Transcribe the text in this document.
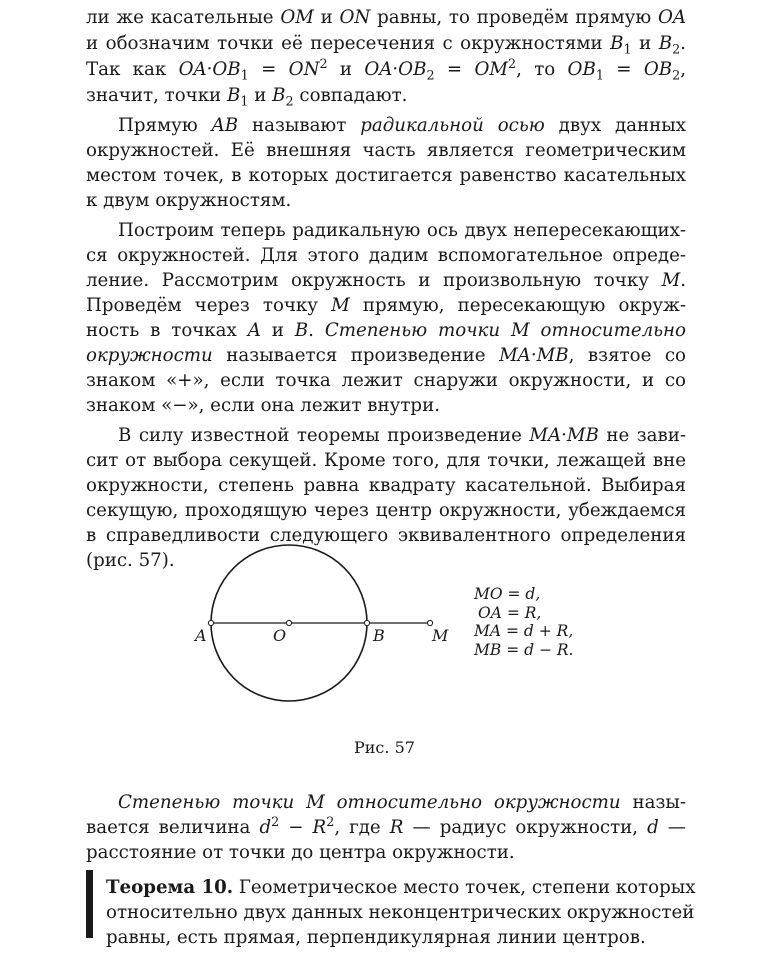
ли же касательные OM и ON равны, то проведём прямую OA
и обозначим точки её пересечения с окружностями $B_1$ и $B_2$.
Так как $OA\cdot OB_1 = ON^2$ и $OA\cdot OB_2 = OM^2$, то $OB_1 = OB_2$,
значит, точки $B_1$ и $B_2$ совпадают.
Прямую AB называют радикальной осью двух данных
окружностей. Её внешняя часть является геометрическим
местом точек, в которых достигается равенство касательных
к двум окружностям.
Построим теперь радикальную ось двух непересекающих-
ся окружностей. Для этого дадим вспомогательное опреде-
ление. Рассмотрим окружность и произвольную точку M.
Проведём через точку M прямую, пересекающую окруж-
ность в точках A и B. Степенью точки M относительно
окружности называется произведение MA·MB, взятое со
знаком «+», если точка лежит снаружи окружности, и со
знаком «−», если она лежит внутри.
В силу известной теоремы произведение MA·MB не зави-
сит от выбора секущей. Кроме того, для точки, лежащей вне
окружности, степень равна квадрату касательной. Выбирая
секущую, проходящую через центр окружности, убеждаемся
в справедливости следующего эквивалентного определения
(рис. 57).
Степенью точки M относительно окружности назы-
вается величина $d^2 - R^2$, где R — радиус окружности, d —
расстояние от точки до центра окружности.
Теорема 10. Геометрическое место точек, степени которых
относительно двух данных неконцентрических окружностей
равны, есть прямая, перпендикулярная линии центров.
A	O	B	M
MO = d,
OA = R,
MA = d + R,
MB = d − R.
Рис. 57
